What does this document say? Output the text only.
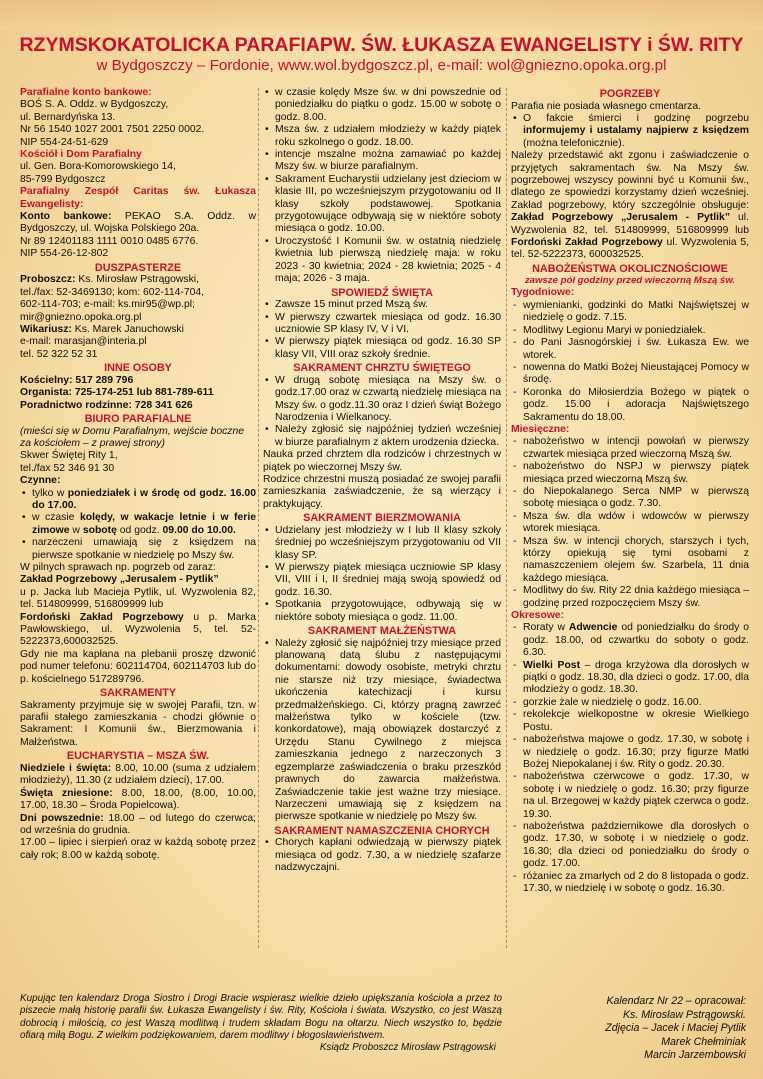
RZYMSKOKATOLICKA PARAFIAPW. ŚW. ŁUKASZA EWANGELISTY i ŚW. RITY
w Bydgoszczy – Fordonie, www.wol.bydgoszcz.pl, e-mail: wol@gniezno.opoka.org.pl

Parafialne konto bankowe:

BOŚ S. A. Oddz. w Bydgoszczy,

ul. Bernardyńska 13.

Nr 56 1540 1027 2001 7501 2250 0002.

NIP 554-24-51-629

Kościół i Dom Parafialny

ul. Gen. Bora-Komorowskiego 14,

85-799 Bydgoszcz

Parafialny Zespół Caritas św. Łukasza Ewangelisty:

Konto bankowe: PEKAO S.A. Oddz. w Bydgoszczy, ul. Wojska Polskiego 20a.

Nr 89 12401183 1111 0010 0485 6776.

NIP 554-26-12-802

DUSZPASTERZE

Proboszcz: Ks. Mirosław Pstrągowski,

tel./fax: 52-3469130; kom: 602-114-704,

602-114-703; e-mail: ks.mir95@wp.pl;

mir@gniezno.opoka.org.pl

Wikariusz: Ks. Marek Januchowski

e-mail: marasjan@interia.pl

tel. 52 322 52 31

INNE OSOBY

Kościelny: 517 289 796

Organista: 725-174-251 lub 881-789-611

Poradnictwo rodzinne: 728 341 626

BIURO PARAFIALNE

(mieści się w Domu Parafialnym, wejście boczne za kościołem – z prawej strony)

Skwer Świętej Rity 1,

tel./fax 52 346 91 30

Czynne:

• tylko w poniedziałek i w środę od godz. 16.00 do 17.00.
• w czasie kolędy, w wakacje letnie i w ferie zimowe w sobotę od godz. 09.00 do 10.00.
• narzeczeni umawiają się z księdzem na pierwsze spotkanie w niedzielę po Mszy św.

W pilnych sprawach np. pogrzeb od zaraz:

Zakład Pogrzebowy „Jerusalem - Pytlik”

u p. Jacka lub Macieja Pytlik, ul. Wyzwolenia 82, tel. 514809999, 516809999 lub

Fordoński Zakład Pogrzebowy u p. Marka Pawłowskiego, ul. Wyzwolenia 5, tel. 52-5222373,600032525.

Gdy nie ma kapłana na plebanii proszę dzwonić pod numer telefonu: 602114704, 602114703 lub do p. kościelnego 517289796.

SAKRAMENTY

Sakramenty przyjmuje się w swojej Parafii, tzn. w parafii stałego zamieszkania - chodzi głównie o Sakrament: I Komunii św., Bierzmowania i Małżeństwa.

EUCHARYSTIA – MSZA ŚW.

Niedziele i święta: 8.00, 10.00 (suma z udziałem młodzieży), 11.30 (z udziałem dzieci), 17.00.

Święta zniesione: 8.00, 18.00, (8.00, 10.00, 17.00, 18.30 – Środa Popielcowa).

Dni powszednie: 18.00 – od lutego do czerwca; od września do grudnia.

17.00 – lipiec i sierpień oraz w każdą sobotę przez cały rok; 8.00 w każdą sobotę.

• w czasie kolędy Msze św. w dni powszednie od poniedziałku do piątku o godz. 15.00 w sobotę o godz. 8.00.
• Msza św. z udziałem młodzieży w każdy piątek roku szkolnego o godz. 18.00.
• intencje mszalne można zamawiać po każdej Mszy św. w biurze parafialnym.
• Sakrament Eucharystii udzielany jest dzieciom w klasie III, po wcześniejszym przygotowaniu od II klasy szkoły podstawowej. Spotkania przygotowujące odbywają się w niektóre soboty miesiąca o godz. 10.00.
• Uroczystość I Komunii św. w ostatnią niedzielę kwietnia lub pierwszą niedzielę maja: w roku 2023 - 30 kwietnia; 2024 - 28 kwietnia; 2025 - 4 maja; 2026 - 3 maja.
SPOWIEDŹ ŚWIĘTA
• Zawsze 15 minut przed Mszą św.
• W pierwszy czwartek miesiąca od godz. 16.30 uczniowie SP klasy IV, V i VI.
• W pierwszy piątek miesiąca od godz. 16.30 SP klasy VII, VIII oraz szkoły średnie.
SAKRAMENT CHRZTU ŚWIĘTEGO
• W drugą sobotę miesiąca na Mszy św. o godz.17.00 oraz w czwartą niedzielę miesiąca na Mszy św. o godz.11.30 oraz I dzień świąt Bożego Narodzenia i Wielkanocy.
• Należy zgłosić się najpóźniej tydzień wcześniej w biurze parafialnym z aktem urodzenia dziecka.

Nauka przed chrztem dla rodziców i chrzestnych w piątek po wieczornej Mszy św.

Rodzice chrzestni muszą posiadać ze swojej parafii zamieszkania zaświadczenie, że są wierzący i praktykujący.

SAKRAMENT BIERZMOWANIA
• Udzielany jest młodzieży w I lub II klasy szkoły średniej po wcześniejszym przygotowaniu od VII klasy SP.
• W pierwszy piątek miesiąca uczniowie SP klasy VII, VIII i I, II średniej mają swoją spowiedź od godz. 16.30.
• Spotkania przygotowujące, odbywają się w niektóre soboty miesiąca o godz. 11.00.
SAKRAMENT MAŁŻEŃSTWA
• Należy zgłosić się najpóźniej trzy miesiące przed planowaną datą ślubu z następującymi dokumentami: dowody osobiste, metryki chrztu nie starsze niż trzy miesiące, świadectwa ukończenia katechizacji i kursu przedmałżeńskiego. Ci, którzy pragną zawrzeć małżeństwa tylko w kościele (tzw. konkordatowe), mają obowiązek dostarczyć z Urzędu Stanu Cywilnego z miejsca zamieszkania jednego z narzeczonych 3 egzemplarze zaświadczenia o braku przeszkód prawnych do zawarcia małżeństwa. Zaświadczenie takie jest ważne trzy miesiące. Narzeczeni umawiają się z księdzem na pierwsze spotkanie w niedzielę po Mszy św.
SAKRAMENT NAMASZCZENIA CHORYCH
• Chorych kapłani odwiedzają w pierwszy piątek miesiąca od godz. 7.30, a w niedzielę szafarze nadzwyczajni.
POGRZEBY

Parafia nie posiada własnego cmentarza.

• O fakcie śmierci i godzinę pogrzebu informujemy i ustalamy najpierw z księdzem (można telefonicznie).

Należy przedstawić akt zgonu i zaświadczenie o przyjętych sakramentach św. Na Mszy św. pogrzebowej wszyscy powinni być u Komunii św., dlatego ze spowiedzi korzystamy dzień wcześniej. Zakład pogrzebowy, który szczególnie obsługuje: Zakład Pogrzebowy „Jerusalem - Pytlik” ul. Wyzwolenia 82, tel. 514809999, 516809999 lub Fordoński Zakład Pogrzebowy ul. Wyzwolenia 5, tel. 52-5222373, 600032525.

NABOŻEŃSTWA OKOLICZNOŚCIOWE
zawsze pół godziny przed wieczorną Mszą św.

Tygodniowe:

- wymienianki, godzinki do Matki Najświętszej w niedzielę o godz. 7.15.
- Modlitwy Legionu Maryi w poniedziałek.
- do Pani Jasnogórskiej i św. Łukasza Ew. we wtorek.
- nowenna do Matki Bożej Nieustającej Pomocy w środę.
- Koronka do Miłosierdzia Bożego w piątek o godz. 15.00 i adoracja Najświętszego Sakramentu do 18.00.

Miesięczne:

- nabożeństwo w intencji powołań w pierwszy czwartek miesiąca przed wieczorną Mszą św.
- nabożeństwo do NSPJ w pierwszy piątek miesiąca przed wieczorną Mszą św.
- do Niepokalanego Serca NMP w pierwszą sobotę miesiąca o godz. 7.30.
- Msza św. dla wdów i wdowców w pierwszy wtorek miesiąca.
- Msza św. w intencji chorych, starszych i tych, którzy opiekują się tymi osobami z namaszczeniem olejem św. Szarbela, 11 dnia każdego miesiąca.
- Modlitwy do św. Rity 22 dnia każdego miesiąca – godzinę przed rozpoczęciem Mszy św.

Okresowe:

- Roraty w Adwencie od poniedziałku do środy o godz. 18.00, od czwartku do soboty o godz. 6.30.
- Wielki Post – droga krzyżowa dla dorosłych w piątki o godz. 18.30, dla dzieci o godz. 17.00, dla młodzieży o godz. 18.30.
- gorzkie żale w niedzielę o godz. 16.00.
- rekolekcje wielkopostne w okresie Wielkiego Postu.
- nabożeństwa majowe o godz. 17.30, w sobotę i w niedzielę o godz. 16.30; przy figurze Matki Bożej Niepokalanej i św. Rity o godz. 20.30.
- nabożeństwa czerwcowe o godz. 17.30, w sobotę i w niedzielę o godz. 16.30; przy figurze na ul. Brzegowej w każdy piątek czerwca o godz. 19.30.
- nabożeństwa październikowe dla dorosłych o godz. 17.30, w sobotę i w niedzielę o godz. 16.30; dla dzieci od poniedziałku do środy o godz. 17.00.
- różaniec za zmarłych od 2 do 8 listopada o godz. 17.30, w niedzielę i w sobotę o godz. 16.30.

Kupując ten kalendarz Droga Siostro i Drogi Bracie wspierasz wielkie dzieło upiększania kościoła a przez to piszecie małą historię parafii św. Łukasza Ewangelisty i św. Rity, Kościoła i świata. Wszystko, co jest Waszą dobrocią i miłością, co jest Waszą modlitwą i trudem składam Bogu na ołtarzu. Niech wszystko to, będzie ofiarą miłą Bogu. Z wielkim podziękowaniem, darem modlitwy i błogosławieństwem.

Ksiądz Proboszcz Mirosław Pstrągowski

Kalendarz Nr 22 – opracował:

Ks. Mirosław Pstrągowski.

Zdjęcia – Jacek i Maciej Pytlik

Marek Chełminiak

Marcin Jarzembowski
